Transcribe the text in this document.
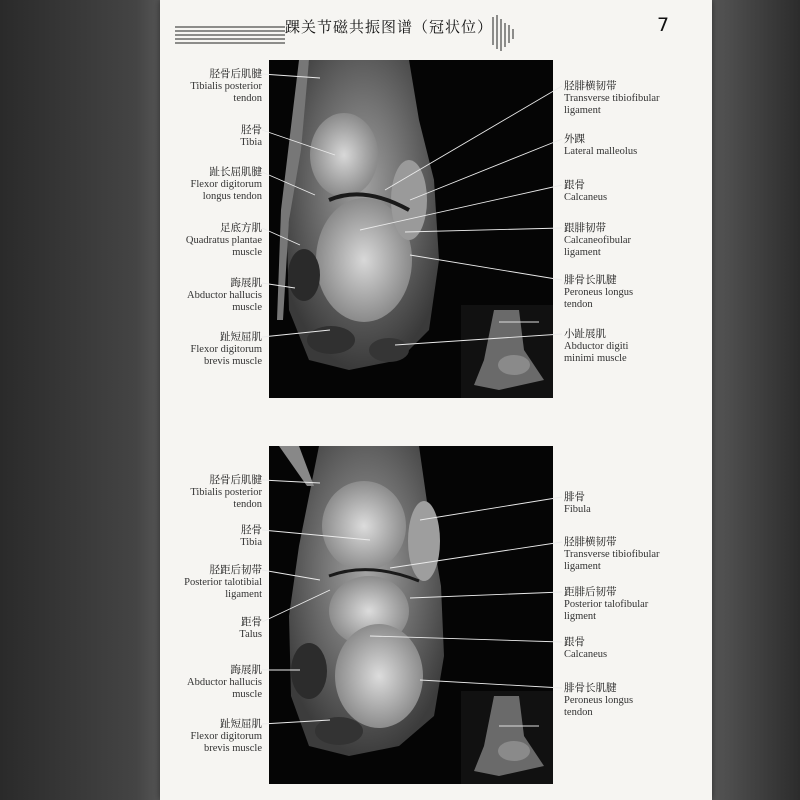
踝关节磁共振图谱（冠状位）	7
胫骨后肌腱
Tibialis posterior
tendon
胫骨
Tibia
趾长屈肌腱
Flexor digitorum
longus tendon
足底方肌
Quadratus plantae
muscle
踇展肌
Abductor hallucis
muscle
趾短屈肌
Flexor digitorum
brevis muscle
胫腓横韧带
Transverse tibiofibular
ligament
外踝
Lateral malleolus
跟骨
Calcaneus
跟腓韧带
Calcaneofibular
ligament
腓骨长肌腱
Peroneus longus
tendon
小趾展肌
Abductor digiti
minimi muscle
胫骨后肌腱
Tibialis posterior
tendon
胫骨
Tibia
胫距后韧带
Posterior talotibial
ligament
距骨
Talus
踇展肌
Abductor hallucis
muscle
趾短屈肌
Flexor digitorum
brevis muscle
腓骨
Fibula
胫腓横韧带
Transverse tibiofibular
ligament
距腓后韧带
Posterior talofibular
ligment
跟骨
Calcaneus
腓骨长肌腱
Peroneus longus
tendon
